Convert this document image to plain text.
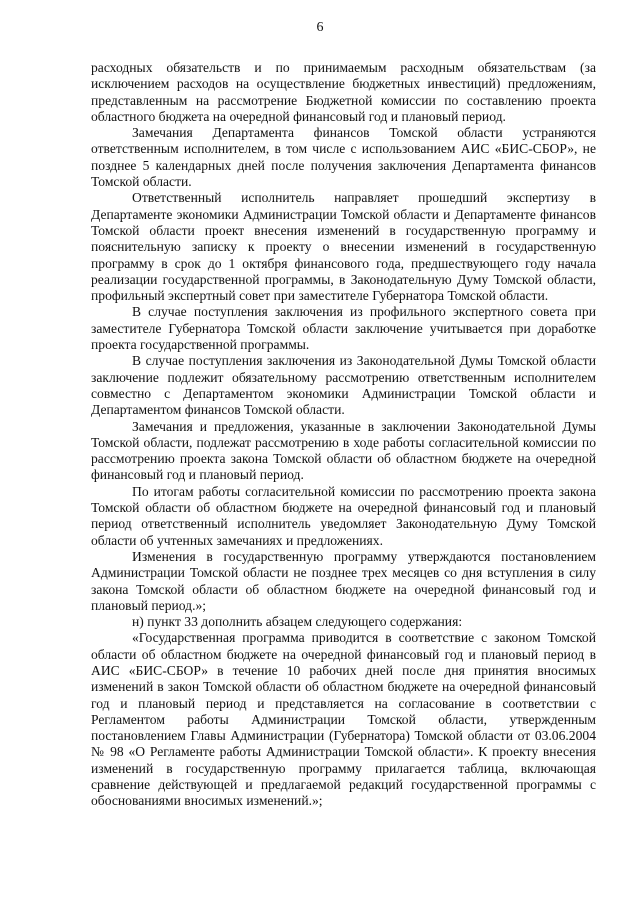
6

расходных обязательств и по принимаемым расходным обязательствам (за исключением расходов на осуществление бюджетных инвестиций) предложениям, представленным на рассмотрение Бюджетной комиссии по составлению проекта областного бюджета на очередной финансовый год и плановый период.

Замечания Департамента финансов Томской области устраняются ответственным исполнителем, в том числе с использованием АИС «БИС-СБОР», не позднее 5 календарных дней после получения заключения Департамента финансов Томской области.

Ответственный исполнитель направляет прошедший экспертизу в Департаменте экономики Администрации Томской области и Департаменте финансов Томской области проект внесения изменений в государственную программу и пояснительную записку к проекту о внесении изменений в государственную программу в срок до 1 октября финансового года, предшествующего году начала реализации государственной программы, в Законодательную Думу Томской области, профильный экспертный совет при заместителе Губернатора Томской области.

В случае поступления заключения из профильного экспертного совета при заместителе Губернатора Томской области заключение учитывается при доработке проекта государственной программы.

В случае поступления заключения из Законодательной Думы Томской области заключение подлежит обязательному рассмотрению ответственным исполнителем совместно с Департаментом экономики Администрации Томской области и Департаментом финансов Томской области.

Замечания и предложения, указанные в заключении Законодательной Думы Томской области, подлежат рассмотрению в ходе работы согласительной комиссии по рассмотрению проекта закона Томской области об областном бюджете на очередной финансовый год и плановый период.

По итогам работы согласительной комиссии по рассмотрению проекта закона Томской области об областном бюджете на очередной финансовый год и плановый период ответственный исполнитель уведомляет Законодательную Думу Томской области об учтенных замечаниях и предложениях.

Изменения в государственную программу утверждаются постановлением Администрации Томской области не позднее трех месяцев со дня вступления в силу закона Томской области об областном бюджете на очередной финансовый год и плановый период.»;

н) пункт 33 дополнить абзацем следующего содержания:

«Государственная программа приводится в соответствие с законом Томской области об областном бюджете на очередной финансовый год и плановый период в АИС «БИС-СБОР» в течение 10 рабочих дней после дня принятия вносимых изменений в закон Томской области об областном бюджете на очередной финансовый год и плановый период и представляется на согласование в соответствии с Регламентом работы Администрации Томской области, утвержденным постановлением Главы Администрации (Губернатора) Томской области от 03.06.2004 № 98 «О Регламенте работы Администрации Томской области». К проекту внесения изменений в государственную программу прилагается таблица, включающая сравнение действующей и предлагаемой редакций государственной программы с обоснованиями вносимых изменений.»;
